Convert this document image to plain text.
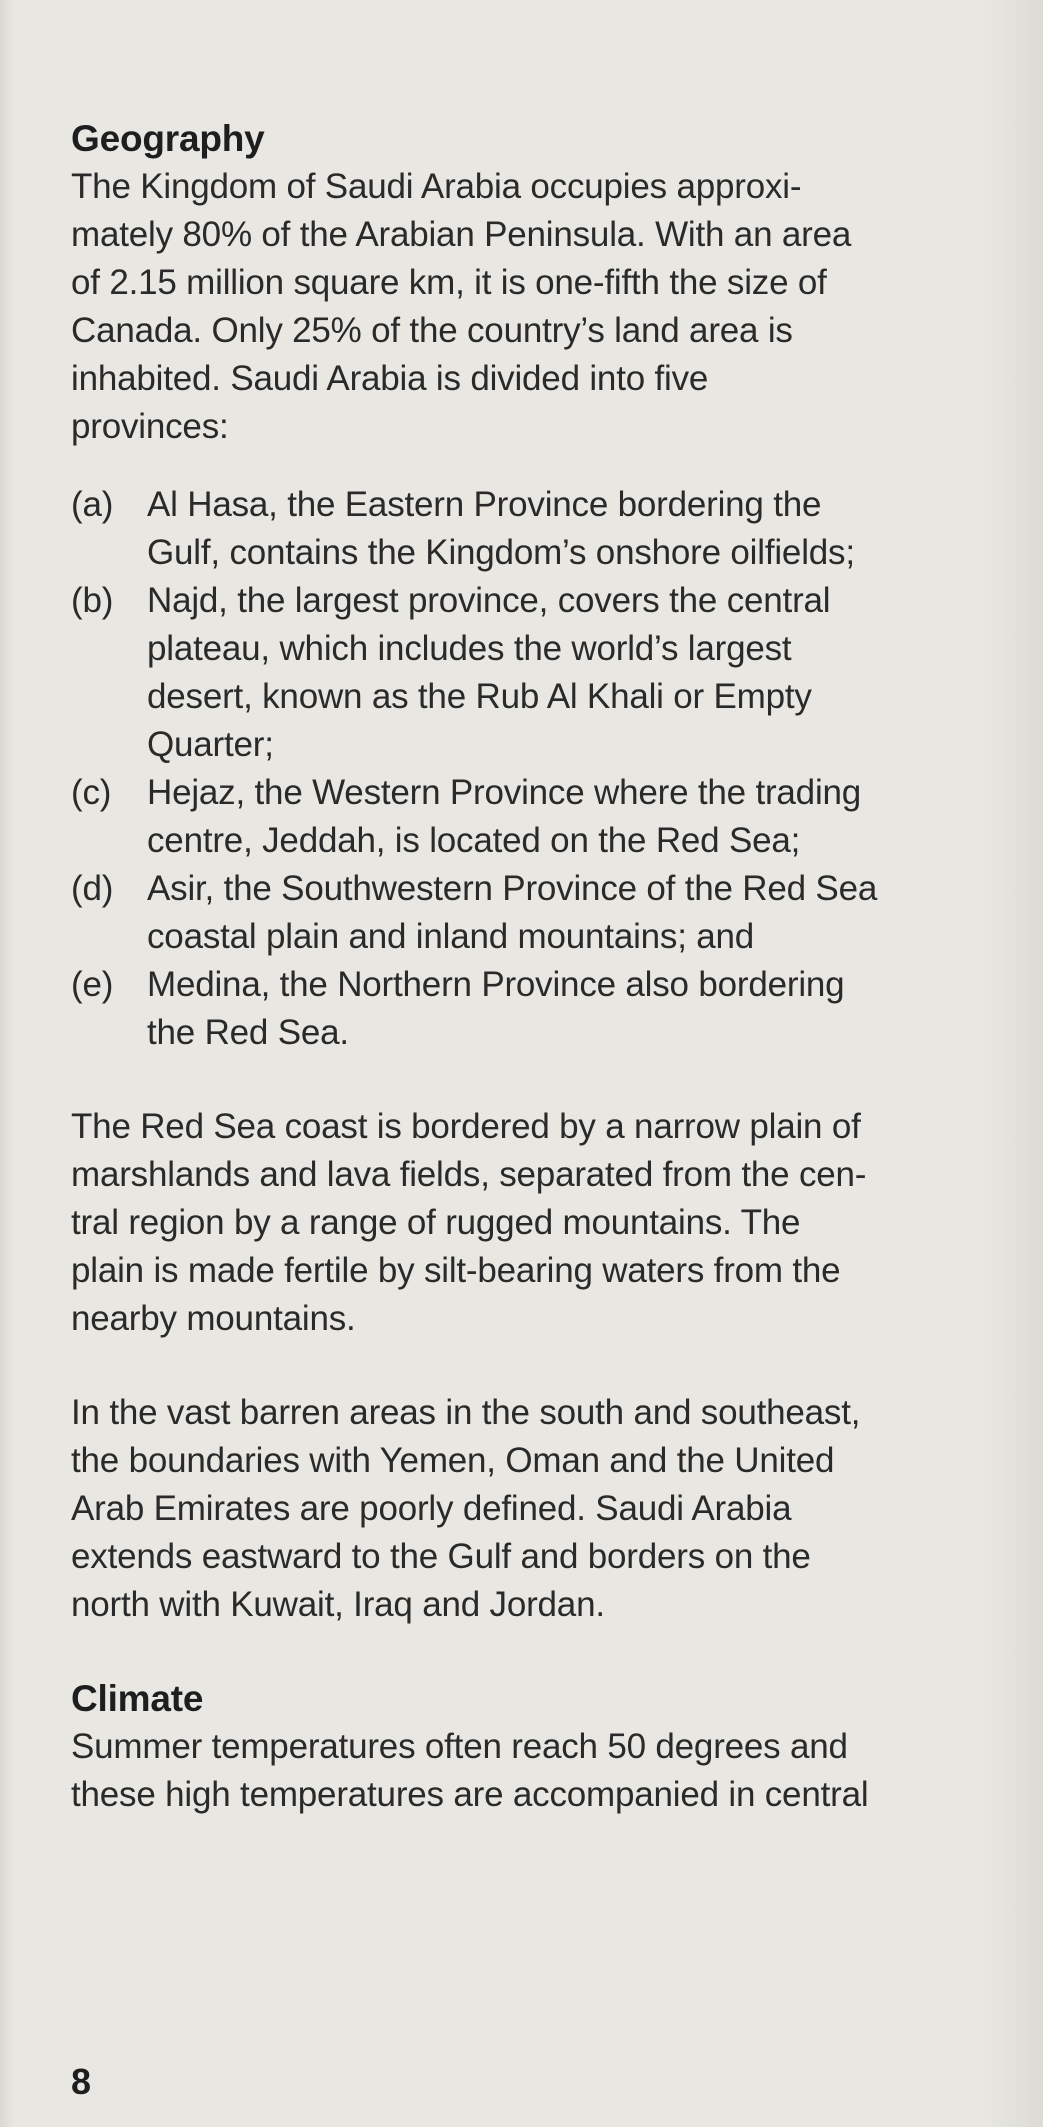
Geography

The Kingdom of Saudi Arabia occupies approxi-
mately 80% of the Arabian Peninsula. With an area
of 2.15 million square km, it is one-fifth the size of
Canada. Only 25% of the country’s land area is
inhabited. Saudi Arabia is divided into five
provinces:

(a) Al Hasa, the Eastern Province bordering the
Gulf, contains the Kingdom’s onshore oilfields;
(b) Najd, the largest province, covers the central
plateau, which includes the world’s largest
desert, known as the Rub Al Khali or Empty
Quarter;
(c)	Hejaz, the Western Province where the trading
centre, Jeddah, is located on the Red Sea;
(d) Asir, the Southwestern Province of the Red Sea
coastal plain and inland mountains; and
(e) Medina, the Northern Province also bordering
the Red Sea.

The Red Sea coast is bordered by a narrow plain of
marshlands and lava fields, separated from the cen-
tral region by a range of rugged mountains. The
plain is made fertile by silt-bearing waters from the
nearby mountains.

In the vast barren areas in the south and southeast,
the boundaries with Yemen, Oman and the United
Arab Emirates are poorly defined. Saudi Arabia
extends eastward to the Gulf and borders on the
north with Kuwait, Iraq and Jordan.

Climate

Summer temperatures often reach 50 degrees and
these high temperatures are accompanied in central

8
